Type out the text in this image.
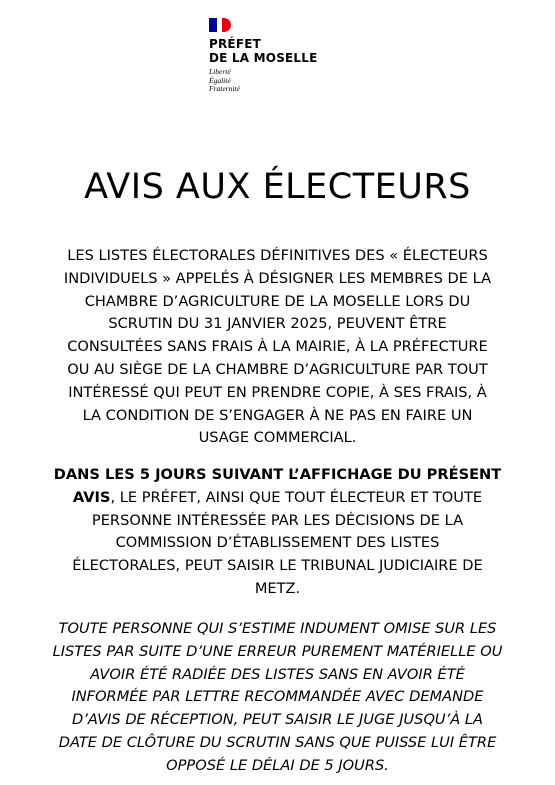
PRÉFET
DE LA MOSELLE
Liberté
Égalité
Fraternité
AVIS AUX ÉLECTEURS
LES LISTES ÉLECTORALES DÉFINITIVES DES « ÉLECTEURS
INDIVIDUELS » APPELÉS À DÉSIGNER LES MEMBRES DE LA
CHAMBRE D’AGRICULTURE DE LA MOSELLE LORS DU
SCRUTIN DU 31 JANVIER 2025, PEUVENT ÊTRE
CONSULTÉES SANS FRAIS À LA MAIRIE, À LA PRÉFECTURE
OU AU SIÈGE DE LA CHAMBRE D’AGRICULTURE PAR TOUT
INTÉRESSÉ QUI PEUT EN PRENDRE COPIE, À SES FRAIS, À
LA CONDITION DE S’ENGAGER À NE PAS EN FAIRE UN
USAGE COMMERCIAL.
DANS LES 5 JOURS SUIVANT L’AFFICHAGE DU PRÉSENT
AVIS, LE PRÉFET, AINSI QUE TOUT ÉLECTEUR ET TOUTE
PERSONNE INTÉRESSÉE PAR LES DÉCISIONS DE LA
COMMISSION D’ÉTABLISSEMENT DES LISTES
ÉLECTORALES, PEUT SAISIR LE TRIBUNAL JUDICIAIRE DE
METZ.
TOUTE PERSONNE QUI S’ESTIME INDUMENT OMISE SUR LES
LISTES PAR SUITE D’UNE ERREUR PUREMENT MATÉRIELLE OU
AVOIR ÉTÉ RADIÉE DES LISTES SANS EN AVOIR ÉTÉ
INFORMÉE PAR LETTRE RECOMMANDÉE AVEC DEMANDE
D’AVIS DE RÉCEPTION, PEUT SAISIR LE JUGE JUSQU’À LA
DATE DE CLÔTURE DU SCRUTIN SANS QUE PUISSE LUI ÊTRE
OPPOSÉ LE DÉLAI DE 5 JOURS.
